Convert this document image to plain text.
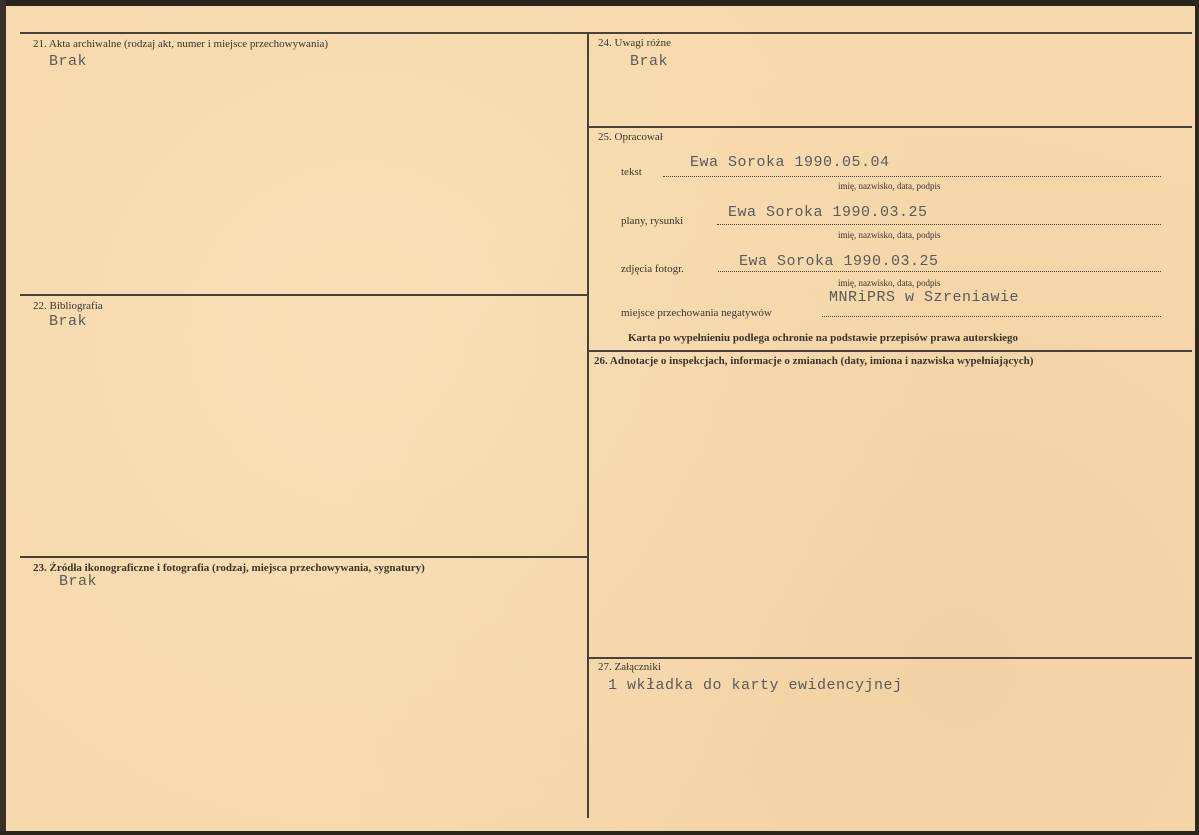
21. Akta archiwalne (rodzaj akt, numer i miejsce przechowywania)
Brak
22. Bibliografia
Brak
23. Źródła ikonograficzne i fotografia (rodzaj, miejsca przechowywania, sygnatury)
Brak
24. Uwagi różne
Brak
25. Opracował
tekst
Ewa Soroka 1990.05.04
imię, nazwisko, data, podpis
plany, rysunki	Ewa Soroka 1990.03.25
imię, nazwisko, data, podpis
zdjęcia fotogr.	Ewa Soroka 1990.03.25
imię, nazwisko, data, podpis
MNRiPRS w Szreniawie
miejsce przechowania negatywów
Karta po wypełnieniu podlega ochronie na podstawie przepisów prawa autorskiego
26. Adnotacje o inspekcjach, informacje o zmianach (daty, imiona i nazwiska wypełniających)
27. Załączniki
1 wkładka do karty ewidencyjnej
